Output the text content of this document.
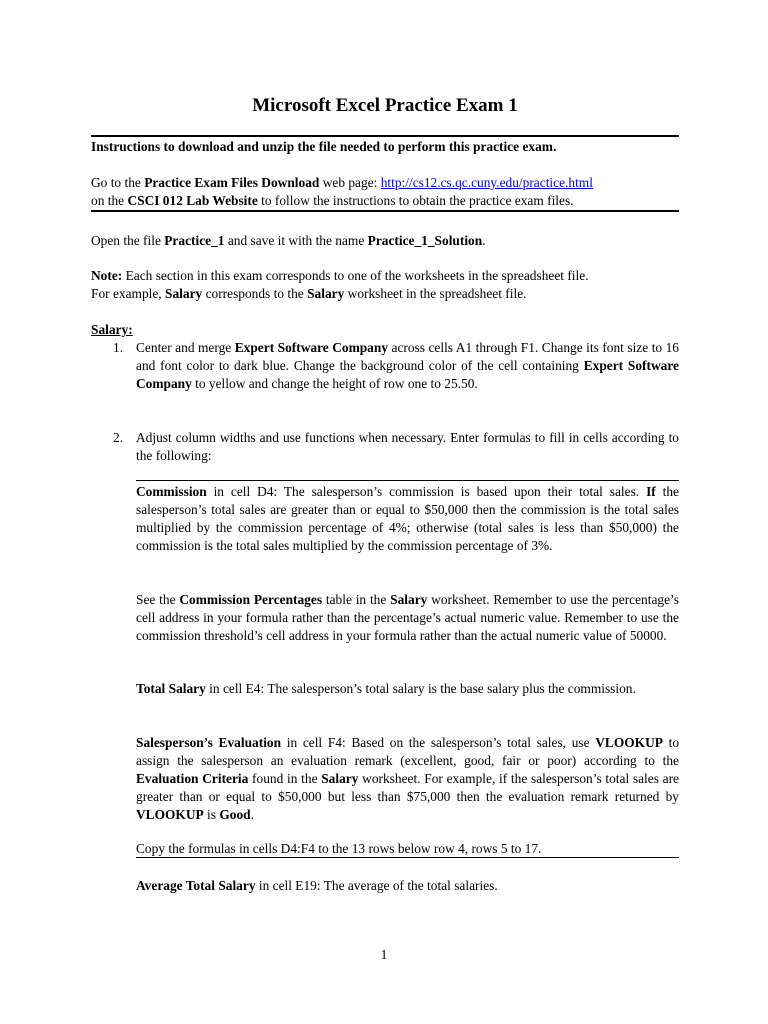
Microsoft Excel Practice Exam 1
Instructions to download and unzip the file needed to perform this practice exam.
Go to the Practice Exam Files Download web page: http://cs12.cs.qc.cuny.edu/practice.html
on the CSCI 012 Lab Website to follow the instructions to obtain the practice exam files.
Open the file Practice_1 and save it with the name Practice_1_Solution.
Note: Each section in this exam corresponds to one of the worksheets in the spreadsheet file.
For example, Salary corresponds to the Salary worksheet in the spreadsheet file.
Salary:
1. Center and merge Expert Software Company across cells A1 through F1. Change its font size to 16 and font color to dark blue. Change the background color of the cell containing Expert Software Company to yellow and change the height of row one to 25.50.
2. Adjust column widths and use functions when necessary. Enter formulas to fill in cells according to the following:
Commission in cell D4: The salesperson’s commission is based upon their total sales. If the salesperson’s total sales are greater than or equal to $50,000 then the commission is the total sales multiplied by the commission percentage of 4%; otherwise (total sales is less than $50,000) the commission is the total sales multiplied by the commission percentage of 3%.
See the Commission Percentages table in the Salary worksheet. Remember to use the percentage’s cell address in your formula rather than the percentage’s actual numeric value. Remember to use the commission threshold’s cell address in your formula rather than the actual numeric value of 50000.
Total Salary in cell E4: The salesperson’s total salary is the base salary plus the commission.
Salesperson’s Evaluation in cell F4: Based on the salesperson’s total sales, use VLOOKUP to assign the salesperson an evaluation remark (excellent, good, fair or poor) according to the Evaluation Criteria found in the Salary worksheet. For example, if the salesperson’s total sales are greater than or equal to $50,000 but less than $75,000 then the evaluation remark returned by VLOOKUP is Good.
Copy the formulas in cells D4:F4 to the 13 rows below row 4, rows 5 to 17.
Average Total Salary in cell E19: The average of the total salaries.
1
